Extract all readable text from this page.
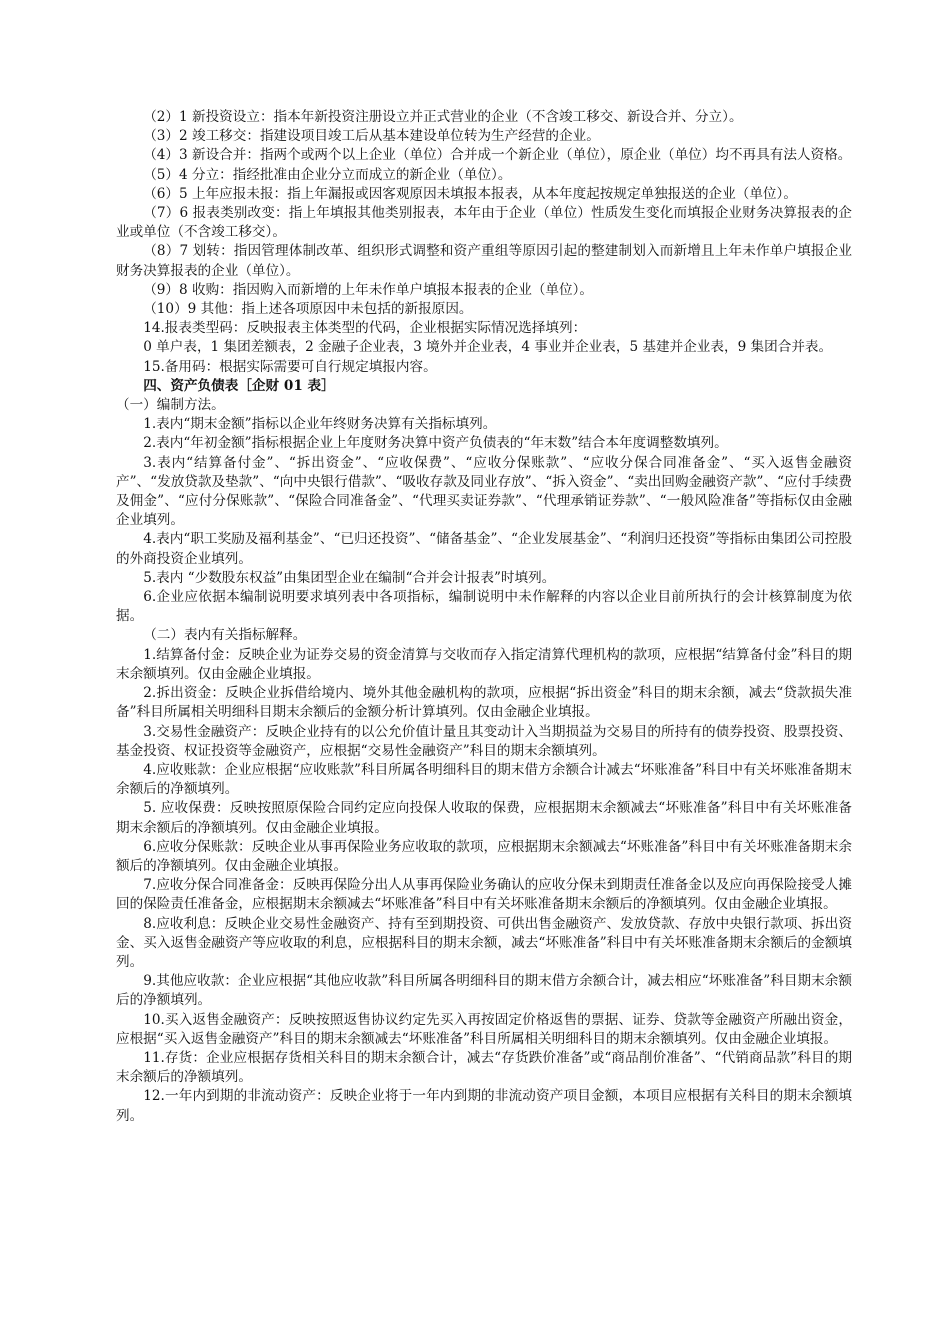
（2）1 新投资设立：指本年新投资注册设立并正式营业的企业（不含竣工移交、新设合并、分立）。

（3）2 竣工移交：指建设项目竣工后从基本建设单位转为生产经营的企业。

（4）3 新设合并：指两个或两个以上企业（单位）合并成一个新企业（单位），原企业（单位）均不再具有法人资格。

（5）4 分立：指经批准由企业分立而成立的新企业（单位）。

（6）5 上年应报未报：指上年漏报或因客观原因未填报本报表，从本年度起按规定单独报送的企业（单位）。

（7）6 报表类别改变：指上年填报其他类别报表，本年由于企业（单位）性质发生变化而填报企业财务决算报表的企业或单位（不含竣工移交）。

（8）7 划转：指因管理体制改革、组织形式调整和资产重组等原因引起的整建制划入而新增且上年未作单户填报企业财务决算报表的企业（单位）。

（9）8 收购：指因购入而新增的上年未作单户填报本报表的企业（单位）。

（10）9 其他：指上述各项原因中未包括的新报原因。

14.报表类型码：反映报表主体类型的代码，企业根据实际情况选择填列：

0 单户表，1 集团差额表，2 金融子企业表，3 境外并企业表，4 事业并企业表，5 基建并企业表，9 集团合并表。

15.备用码：根据实际需要可自行规定填报内容。

四、资产负债表［企财 01 表］

（一）编制方法。

1.表内“期末金额”指标以企业年终财务决算有关指标填列。

2.表内“年初金额”指标根据企业上年度财务决算中资产负债表的“年末数”结合本年度调整数填列。

3.表内“结算备付金”、“拆出资金”、“应收保费”、“应收分保账款”、“应收分保合同准备金”、“买入返售金融资产”、“发放贷款及垫款”、“向中央银行借款”、“吸收存款及同业存放”、“拆入资金”、“卖出回购金融资产款”、“应付手续费及佣金”、“应付分保账款”、“保险合同准备金”、“代理买卖证券款”、“代理承销证券款”、“一般风险准备”等指标仅由金融企业填列。

4.表内“职工奖励及福利基金”、“已归还投资”、“储备基金”、“企业发展基金”、“利润归还投资”等指标由集团公司控股的外商投资企业填列。

5.表内 “少数股东权益”由集团型企业在编制“合并会计报表”时填列。

6.企业应依据本编制说明要求填列表中各项指标，编制说明中未作解释的内容以企业目前所执行的会计核算制度为依据。

（二）表内有关指标解释。

1.结算备付金：反映企业为证券交易的资金清算与交收而存入指定清算代理机构的款项，应根据“结算备付金”科目的期末余额填列。仅由金融企业填报。

2.拆出资金：反映企业拆借给境内、境外其他金融机构的款项，应根据“拆出资金”科目的期末余额，减去“贷款损失准备”科目所属相关明细科目期末余额后的金额分析计算填列。仅由金融企业填报。

3.交易性金融资产：反映企业持有的以公允价值计量且其变动计入当期损益为交易目的所持有的债券投资、股票投资、基金投资、权证投资等金融资产，应根据“交易性金融资产”科目的期末余额填列。

4.应收账款：企业应根据“应收账款”科目所属各明细科目的期末借方余额合计减去“坏账准备”科目中有关坏账准备期末余额后的净额填列。

5. 应收保费：反映按照原保险合同约定应向投保人收取的保费，应根据期末余额减去“坏账准备”科目中有关坏账准备期末余额后的净额填列。仅由金融企业填报。

6.应收分保账款：反映企业从事再保险业务应收取的款项，应根据期末余额减去“坏账准备”科目中有关坏账准备期末余额后的净额填列。仅由金融企业填报。

7.应收分保合同准备金：反映再保险分出人从事再保险业务确认的应收分保未到期责任准备金以及应向再保险接受人摊回的保险责任准备金，应根据期末余额减去“坏账准备”科目中有关坏账准备期末余额后的净额填列。仅由金融企业填报。

8.应收利息：反映企业交易性金融资产、持有至到期投资、可供出售金融资产、发放贷款、存放中央银行款项、拆出资金、买入返售金融资产等应收取的利息，应根据科目的期末余额，减去“坏账准备”科目中有关坏账准备期末余额后的金额填列。

9.其他应收款：企业应根据“其他应收款”科目所属各明细科目的期末借方余额合计，减去相应“坏账准备”科目期末余额后的净额填列。

10.买入返售金融资产：反映按照返售协议约定先买入再按固定价格返售的票据、证券、贷款等金融资产所融出资金，应根据“买入返售金融资产”科目的期末余额减去“坏账准备”科目所属相关明细科目的期末余额填列。仅由金融企业填报。

11.存货：企业应根据存货相关科目的期末余额合计，减去“存货跌价准备”或“商品削价准备”、“代销商品款”科目的期末余额后的净额填列。

12.一年内到期的非流动资产：反映企业将于一年内到期的非流动资产项目金额，本项目应根据有关科目的期末余额填列。
